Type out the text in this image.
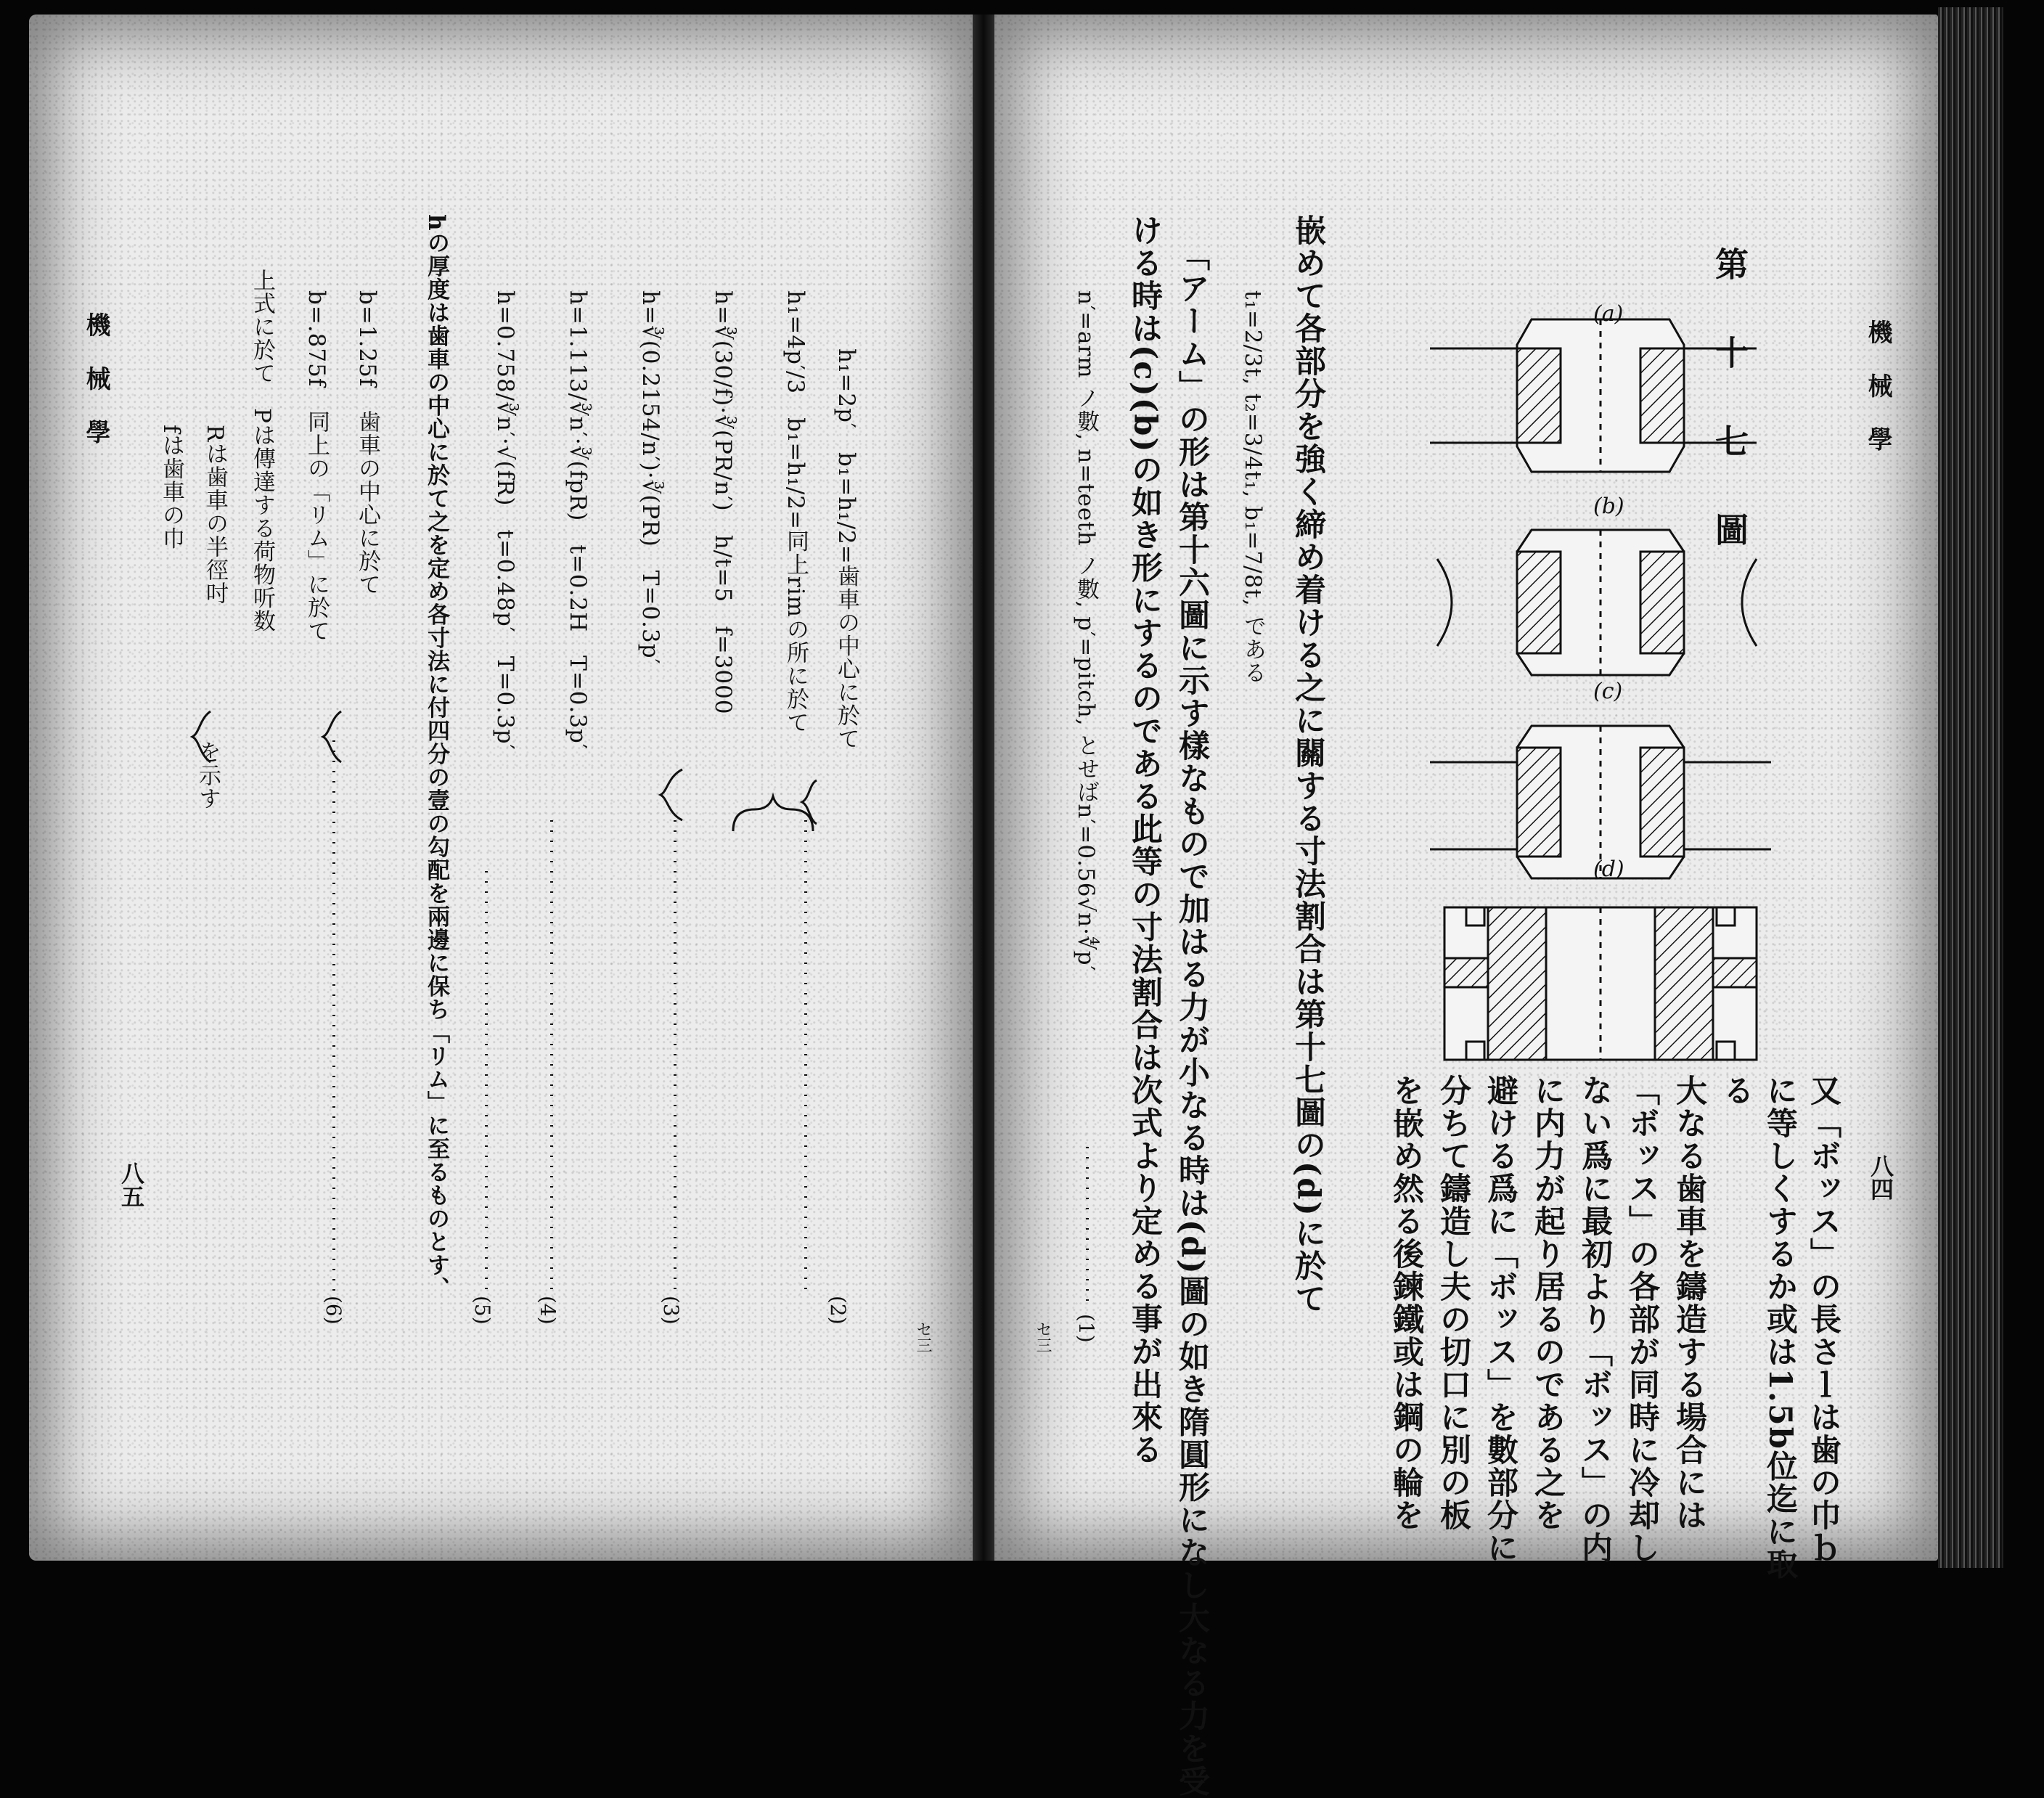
機 械 學
八五
h₁=2p′　b₁=h₁/2=歯車の中心に於て
h₁=4p′/3　b₁=h₁/2=同上rimの所に於て
h=∛(30/f)·∛(PR/n′)　h/t=5　f=3000
h=∛(0.2154/n′)·∛(PR)　T=0.3p′
h=1.113/∛n′·∛(fpR)　t=0.2H　T=0.3p′
h=0.758/∛n′·√(fR)　t=0.48p′　T=0.3p′
hの厚度は歯車の中心に於て之を定め各寸法に付四分の壹の勾配を兩邊に保ち「リム」に至るものとす、
b=1.25f　歯車の中心に於て
b=.875f　同上の「リム」に於て
上式に於て　Pは傳達する荷物听数
Rは歯車の半徑吋
fは歯車の巾
を示す
(2)
(3)
(4)
(5)
(6)
セ三
機 械 學
八四
第 十 七 圖
(a)
(b)
(c)
(d)
又「ボッス」の長さｌは歯の巾ｂ
に等しくするか或は1.5b位迄に取
る
大なる歯車を鑄造する場合には
「ボッス」の各部が同時に冷却し
ない爲に最初より「ボッス」の内
に内力が起り居るのである之を
避ける爲に「ボッス」を數部分に
分ちて鑄造し夫の切口に別の板
を嵌め然る後鍊鐵或は鋼の輪を
嵌めて各部分を強く締め着ける之に關する寸法割合は第十七圖の(d)に於て
t₁=2/3t, t₂=3/4t₁, b₁=7/8t, である
「アーム」の形は第十六圖に示す樣なもので加はる力が小なる時は(d)圖の如き隋圓形になし大なる力を受
ける時は(c)(b)の如き形にするのである此等の寸法割合は次式より定める事が出來る
n′=arm ノ數, n=teeth ノ數, p′=pitch, とせばn′=0.56√n·∜p′
(1)
セ三
